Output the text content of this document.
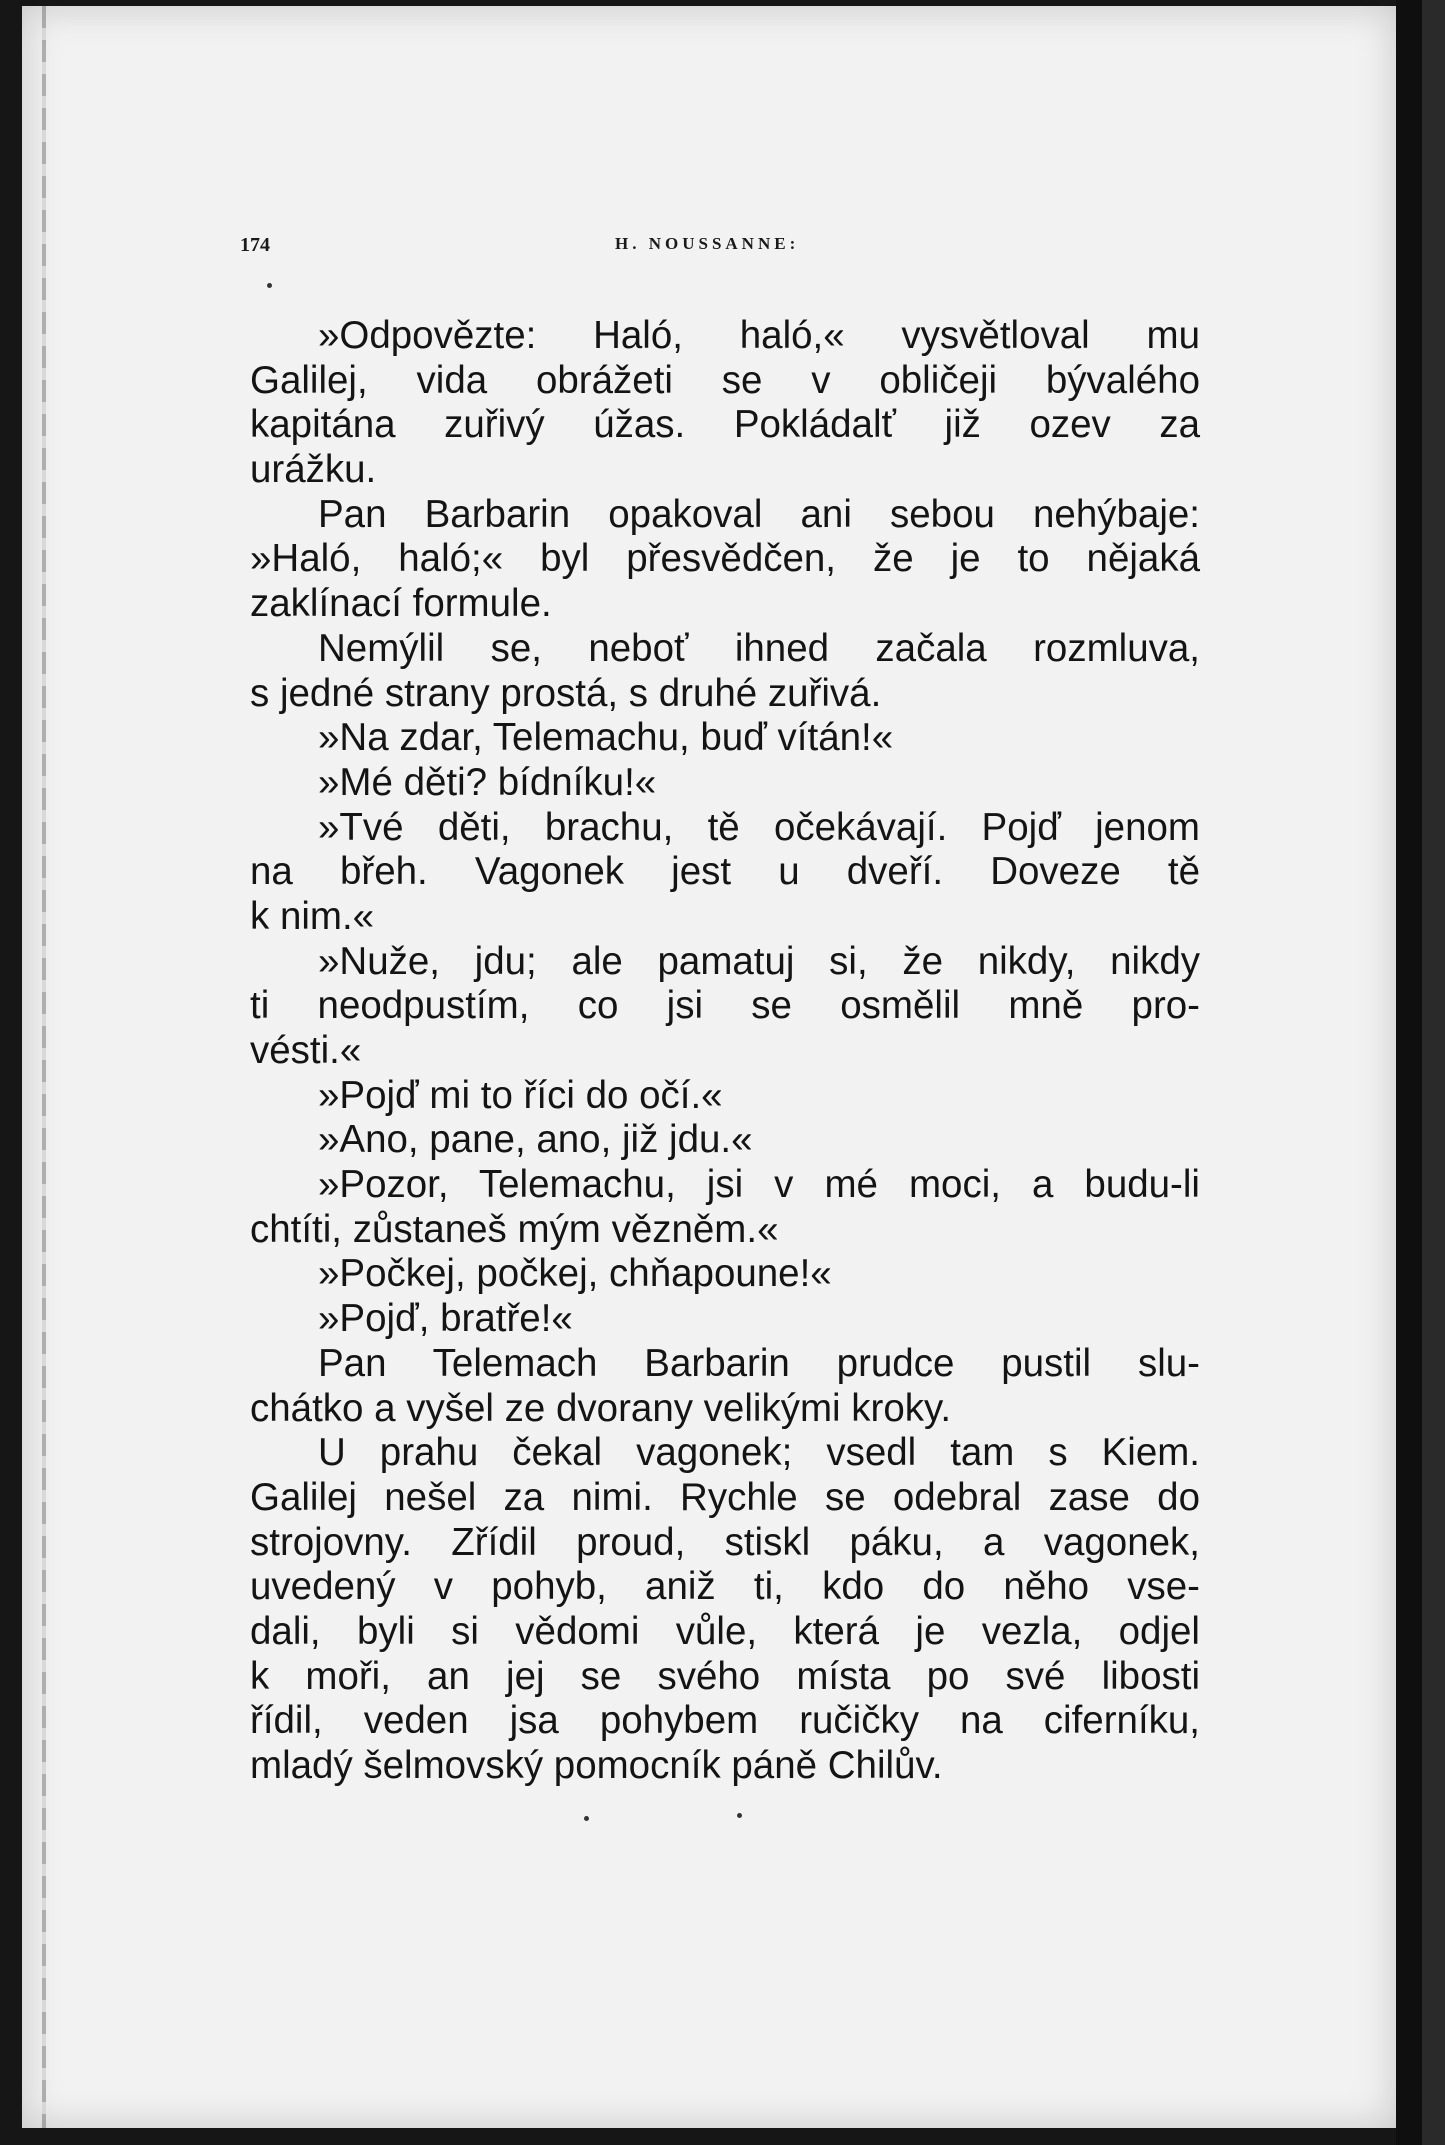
174	H. NOUSSANNE:
»Odpovězte: Haló, haló,« vysvětloval mu
Galilej, vida obrážeti se v obličeji bývalého
kapitána zuřivý úžas. Pokládalť již ozev za
urážku.
Pan Barbarin opakoval ani sebou nehýbaje:
»Haló, haló;« byl přesvědčen, že je to nějaká
zaklínací formule.
Nemýlil se, neboť ihned začala rozmluva,
s jedné strany prostá, s druhé zuřivá.
»Na zdar, Telemachu, buď vítán!«
»Mé děti? bídníku!«
»Tvé děti, brachu, tě očekávají. Pojď jenom
na břeh. Vagonek jest u dveří. Doveze tě
k nim.«
»Nuže, jdu; ale pamatuj si, že nikdy, nikdy
ti neodpustím, co jsi se osmělil mně pro-
vésti.«
»Pojď mi to říci do očí.«
»Ano, pane, ano, již jdu.«
»Pozor, Telemachu, jsi v mé moci, a budu-li
chtíti, zůstaneš mým vězněm.«
»Počkej, počkej, chňapoune!«
»Pojď, bratře!«
Pan Telemach Barbarin prudce pustil slu-
chátko a vyšel ze dvorany velikými kroky.
U prahu čekal vagonek; vsedl tam s Kiem.
Galilej nešel za nimi. Rychle se odebral zase do
strojovny. Zřídil proud, stiskl páku, a vagonek,
uvedený v pohyb, aniž ti, kdo do něho vse-
dali, byli si vědomi vůle, která je vezla, odjel
k moři, an jej se svého místa po své libosti
řídil, veden jsa pohybem ručičky na ciferníku,
mladý šelmovský pomocník páně Chilův.
